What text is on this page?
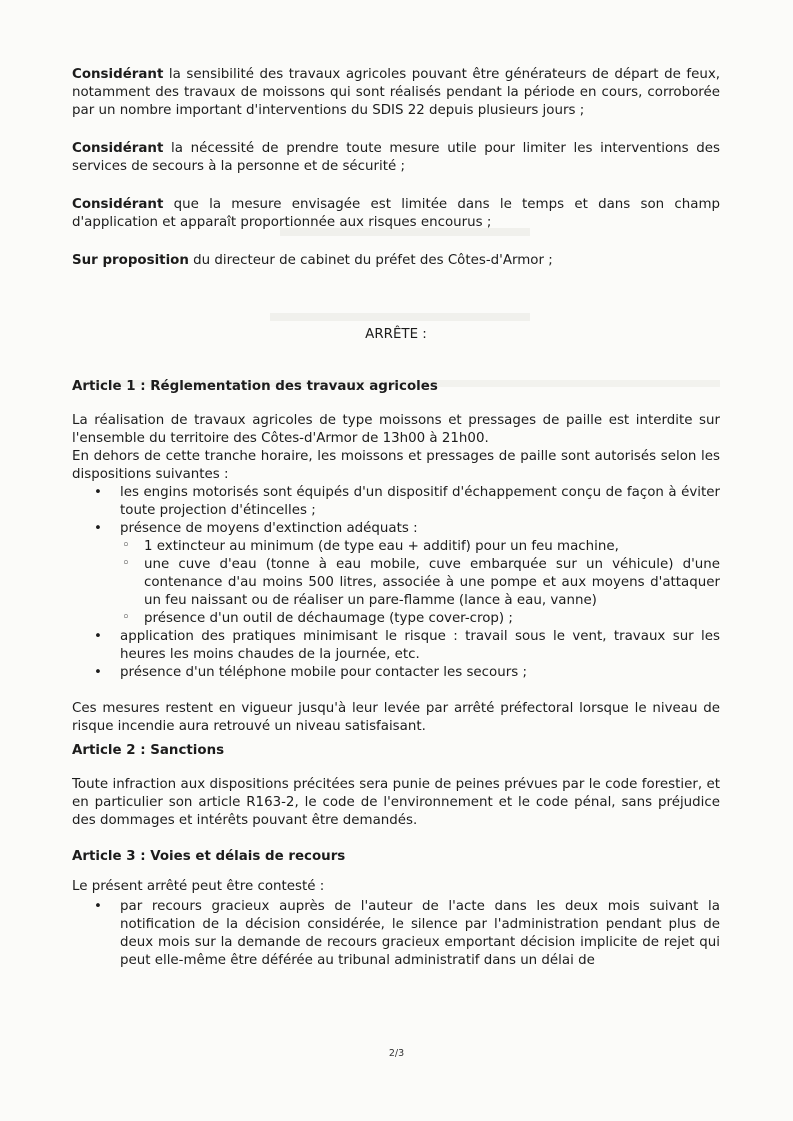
Considérant la sensibilité des travaux agricoles pouvant être générateurs de départ de feux, notamment des travaux de moissons qui sont réalisés pendant la période en cours, corroborée par un nombre important d'interventions du SDIS 22 depuis plusieurs jours ;

Considérant la nécessité de prendre toute mesure utile pour limiter les interventions des services de secours à la personne et de sécurité ;

Considérant que la mesure envisagée est limitée dans le temps et dans son champ d'application et apparaît proportionnée aux risques encourus ;

Sur proposition du directeur de cabinet du préfet des Côtes-d'Armor ;

ARRÊTE :

Article 1 : Réglementation des travaux agricoles

La réalisation de travaux agricoles de type moissons et pressages de paille est interdite sur l'ensemble du territoire des Côtes-d'Armor de 13h00 à 21h00.

En dehors de cette tranche horaire, les moissons et pressages de paille sont autorisés selon les dispositions suivantes :

• les engins motorisés sont équipés d'un dispositif d'échappement conçu de façon à éviter toute projection d'étincelles ;
• présence de moyens d'extinction adéquats :
◦ 1 extincteur au minimum (de type eau + additif) pour un feu machine,
◦ une cuve d'eau (tonne à eau mobile, cuve embarquée sur un véhicule) d'une contenance d'au moins 500 litres, associée à une pompe et aux moyens d'attaquer un feu naissant ou de réaliser un pare-flamme (lance à eau, vanne)
◦ présence d'un outil de déchaumage (type cover-crop) ;
• application des pratiques minimisant le risque : travail sous le vent, travaux sur les heures les moins chaudes de la journée, etc.
• présence d'un téléphone mobile pour contacter les secours ;

Ces mesures restent en vigueur jusqu'à leur levée par arrêté préfectoral lorsque le niveau de risque incendie aura retrouvé un niveau satisfaisant.

Article 2 : Sanctions

Toute infraction aux dispositions précitées sera punie de peines prévues par le code forestier, et en particulier son article R163-2, le code de l'environnement et le code pénal, sans préjudice des dommages et intérêts pouvant être demandés.

Article 3 : Voies et délais de recours

Le présent arrêté peut être contesté :

• par recours gracieux auprès de l'auteur de l'acte dans les deux mois suivant la notification de la décision considérée, le silence par l'administration pendant plus de deux mois sur la demande de recours gracieux emportant décision implicite de rejet qui peut elle-même être déférée au tribunal administratif dans un délai de
2/3
